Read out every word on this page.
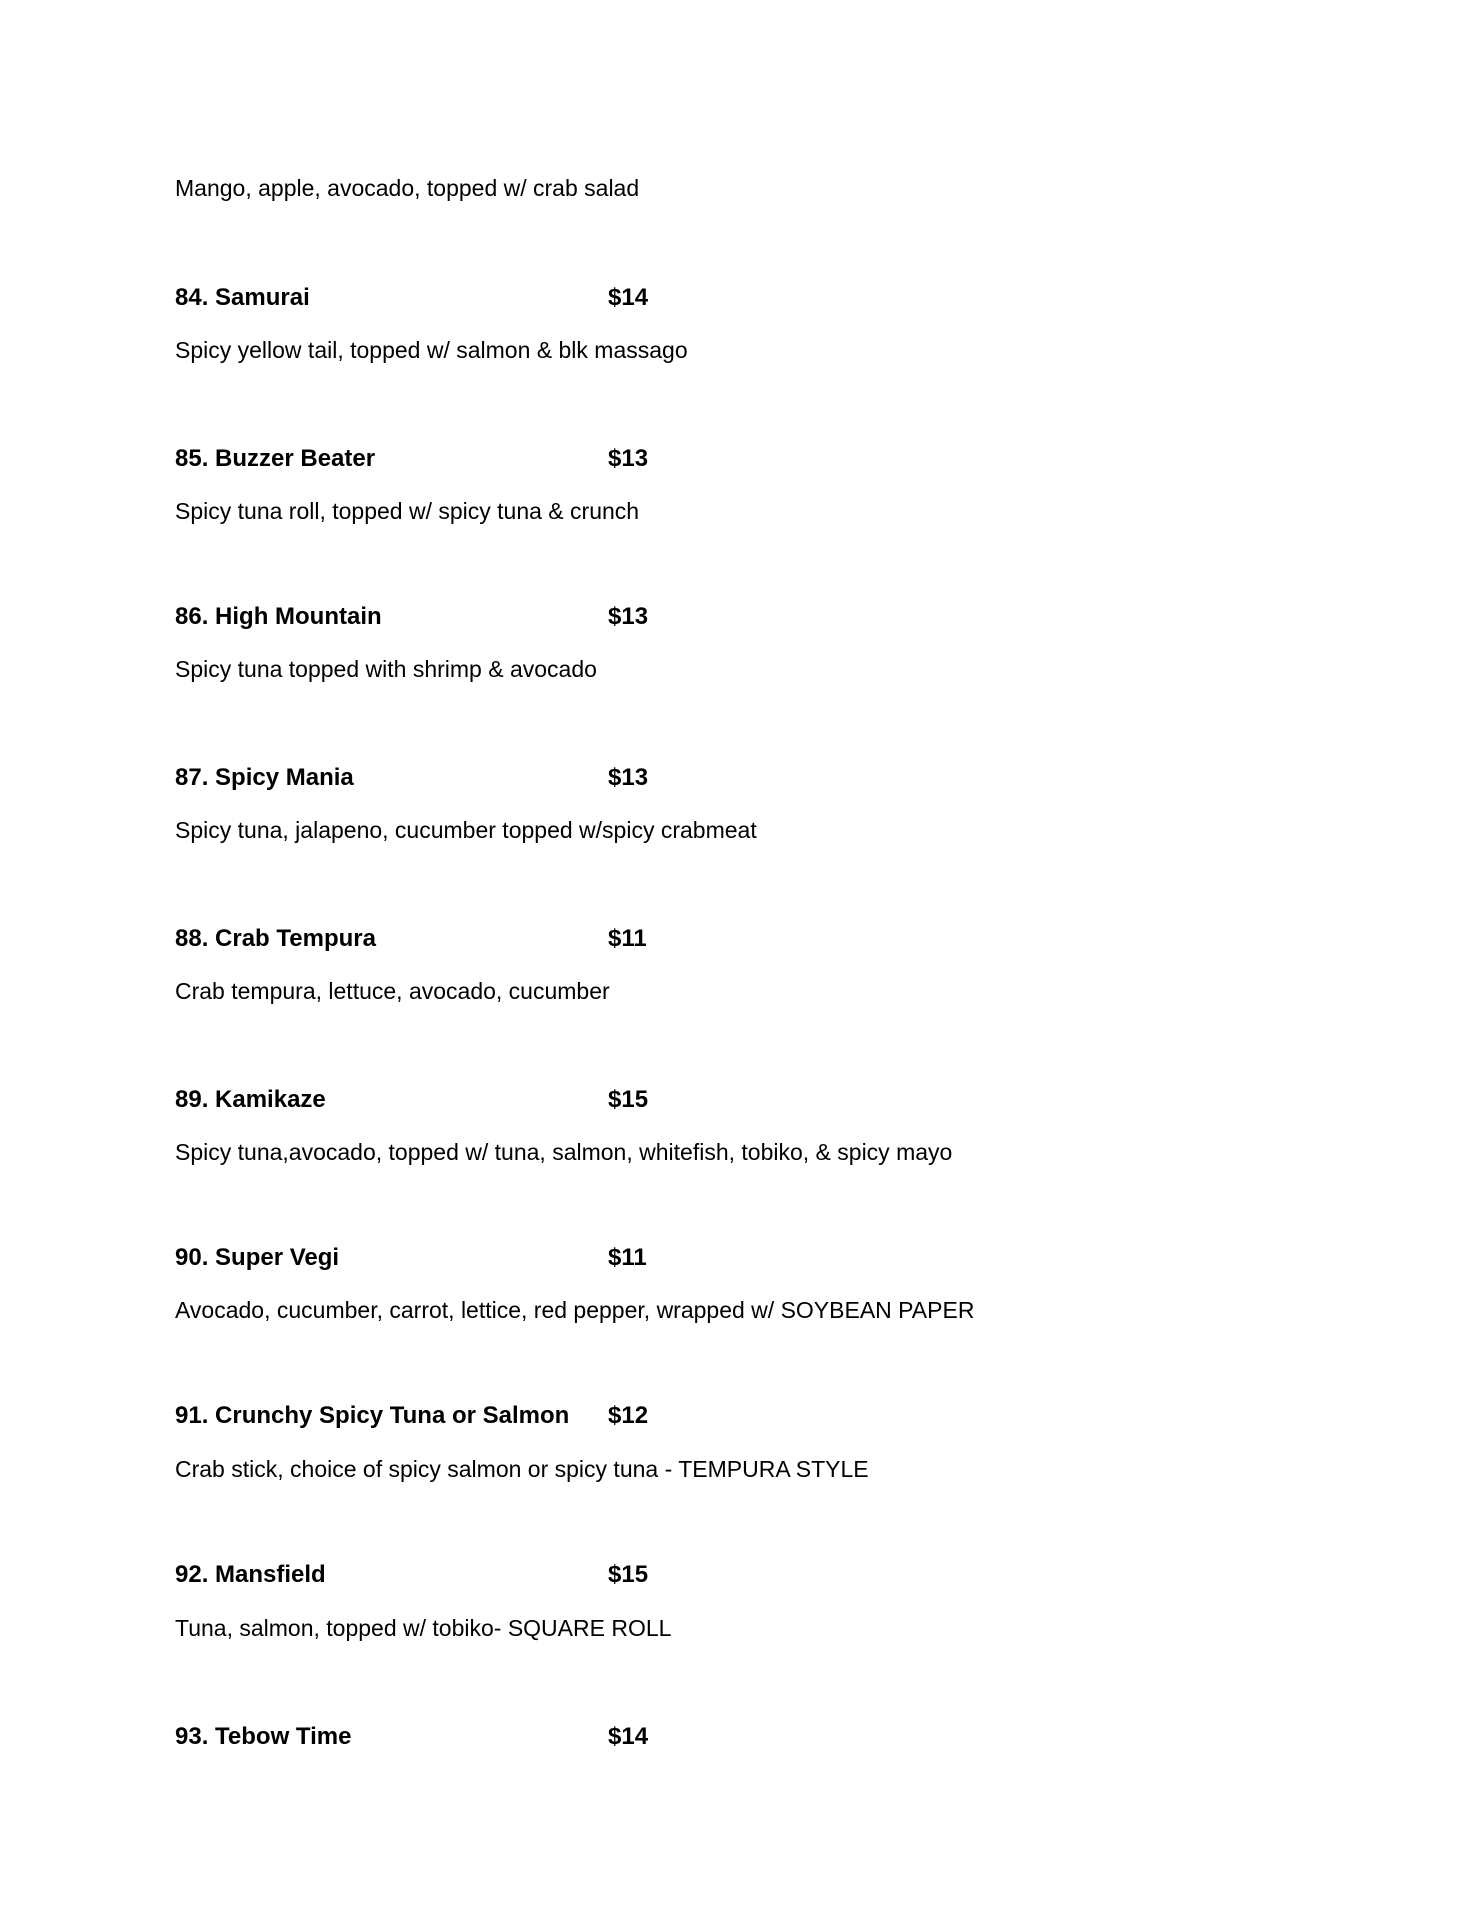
Mango, apple, avocado, topped w/ crab salad
84. Samurai	$14
Spicy yellow tail, topped w/ salmon & blk massago
85. Buzzer Beater	$13
Spicy tuna roll, topped w/ spicy tuna & crunch
86. High Mountain	$13
Spicy tuna topped with shrimp & avocado
87. Spicy Mania	$13
Spicy tuna, jalapeno, cucumber topped w/spicy crabmeat
88. Crab Tempura	$11
Crab tempura, lettuce, avocado, cucumber
89. Kamikaze	$15
Spicy tuna,avocado, topped w/ tuna, salmon, whitefish, tobiko, & spicy mayo
90. Super Vegi	$11
Avocado, cucumber, carrot, lettice, red pepper, wrapped w/ SOYBEAN PAPER
91. Crunchy Spicy Tuna or Salmon $12
Crab stick, choice of spicy salmon or spicy tuna - TEMPURA STYLE
92. Mansfield	$15
Tuna, salmon, topped w/ tobiko- SQUARE ROLL
93. Tebow Time	$14
